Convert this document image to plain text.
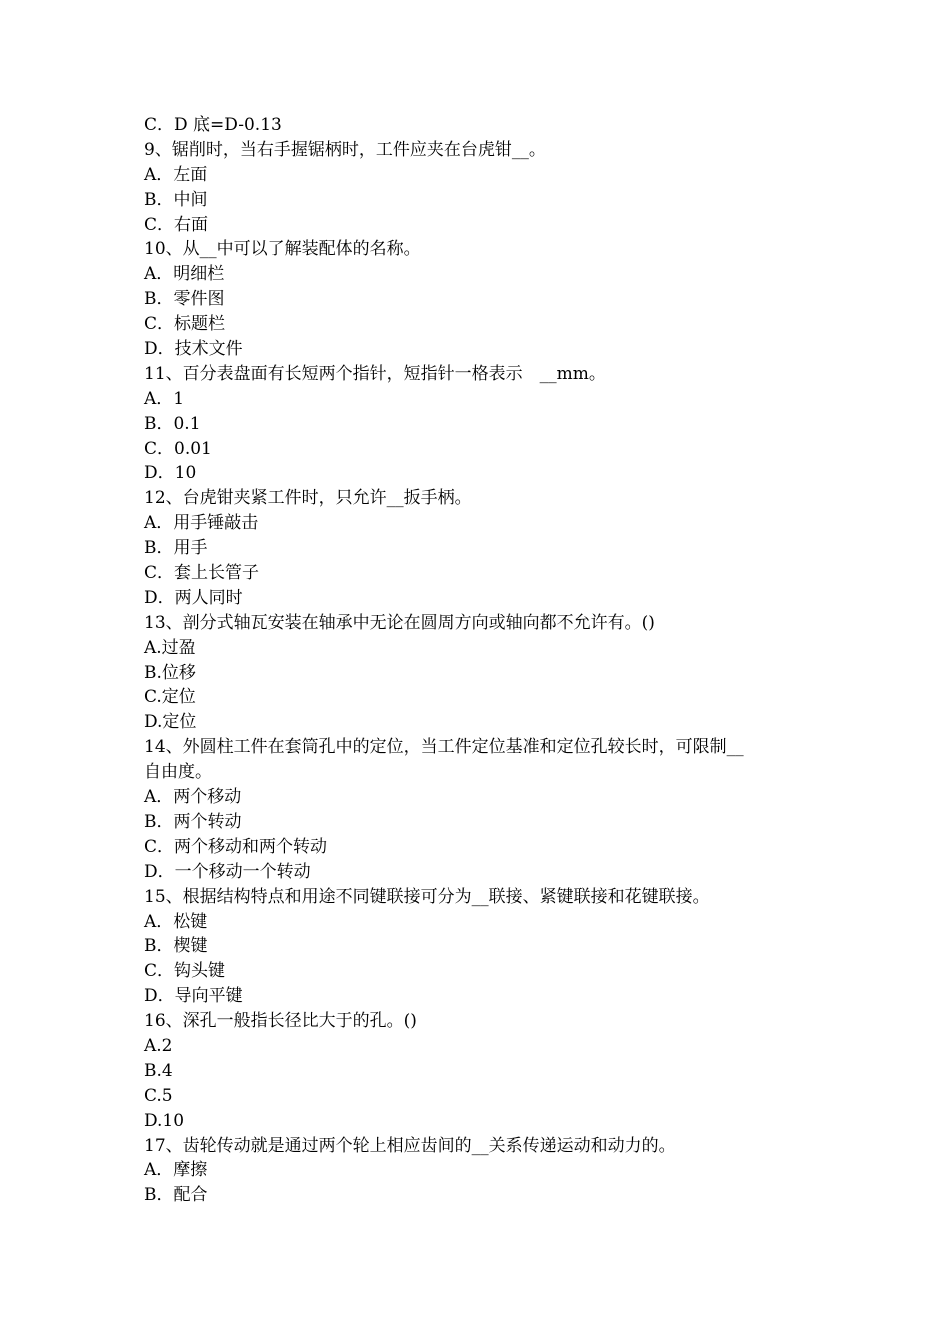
C．D 底=D-0.13
9、锯削时，当右手握锯柄时，工件应夹在台虎钳__。
A．左面
B．中间
C．右面
10、从__中可以了解装配体的名称。
A．明细栏
B．零件图
C．标题栏
D．技术文件
11、百分表盘面有长短两个指针，短指针一格表示　__mm。
A．1
B．0.1
C．0.01
D．10
12、台虎钳夹紧工件时，只允许__扳手柄。
A．用手锤敲击
B．用手
C．套上长管子
D．两人同时
13、剖分式轴瓦安装在轴承中无论在圆周方向或轴向都不允许有。()
A.过盈
B.位移
C.定位
D.定位
14、外圆柱工件在套筒孔中的定位，当工件定位基准和定位孔较长时，可限制__
自由度。
A．两个移动
B．两个转动
C．两个移动和两个转动
D．一个移动一个转动
15、根据结构特点和用途不同键联接可分为__联接、紧键联接和花键联接。
A．松键
B．楔键
C．钩头键
D．导向平键
16、深孔一般指长径比大于的孔。()
A.2
B.4
C.5
D.10
17、齿轮传动就是通过两个轮上相应齿间的__关系传递运动和动力的。
A．摩擦
B．配合
